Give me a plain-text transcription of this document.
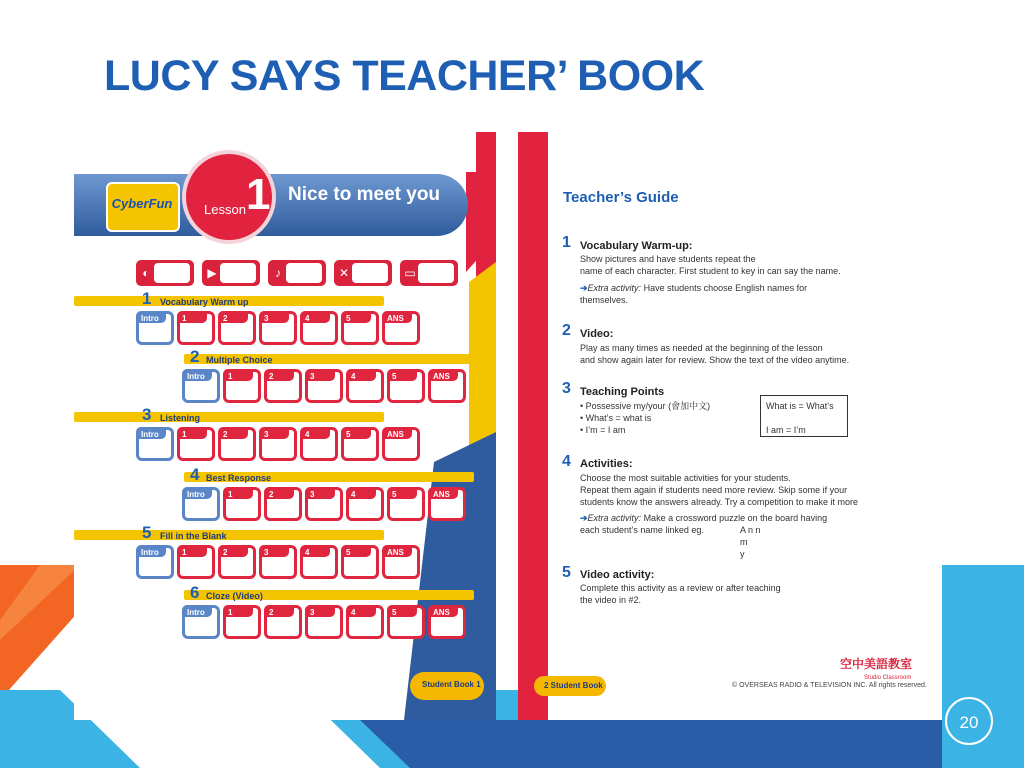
LUCY SAYS TEACHER’ BOOK
CyberFun	Lesson 1 Nice to meet you
◐	▶	♪	✕	▭
1 Vocabulary Warm up
Intro	1	2	3	4	5	ANS
2 Multiple Choice
Intro	1	2	3	4	5	ANS
3 Listening
Intro	1	2	3	4	5	ANS
4 Best Response
Intro	1	2	3	4	5	ANS
5 Fill in the Blank
Intro	1	2	3	4	5	ANS
6 Cloze (Video)
Intro	1	2	3	4	5	ANS
Student Book 1
Teacher’s Guide
1 Vocabulary Warm-up:
Show pictures and have students repeat the
name of each character. First student to key in can say the name.
➔Extra activity: Have students choose English names for
themselves.
2 Video:
Play as many times as needed at the beginning of the lesson
and show again later for review. Show the text of the video anytime.
3 Teaching Points
• Possessive my/your (會加中文)
• What’s = what is
• I’m = I am
What is = What’s
I am = I’m
4 Activities:
Choose the most suitable activities for your students.
Repeat them again if students need more review. Skip some if your
students know the answers already. Try a competition to make it more
➔Extra activity: Make a crossword puzzle on the board having
each student’s name linked eg.	A n n
m
y
5 Video activity:
Complete this activity as a review or after teaching
the video in #2.
2 Student Book
空中美語教室
Studio Classroom
© OVERSEAS RADIO & TELEVISION INC. All rights reserved.
20
